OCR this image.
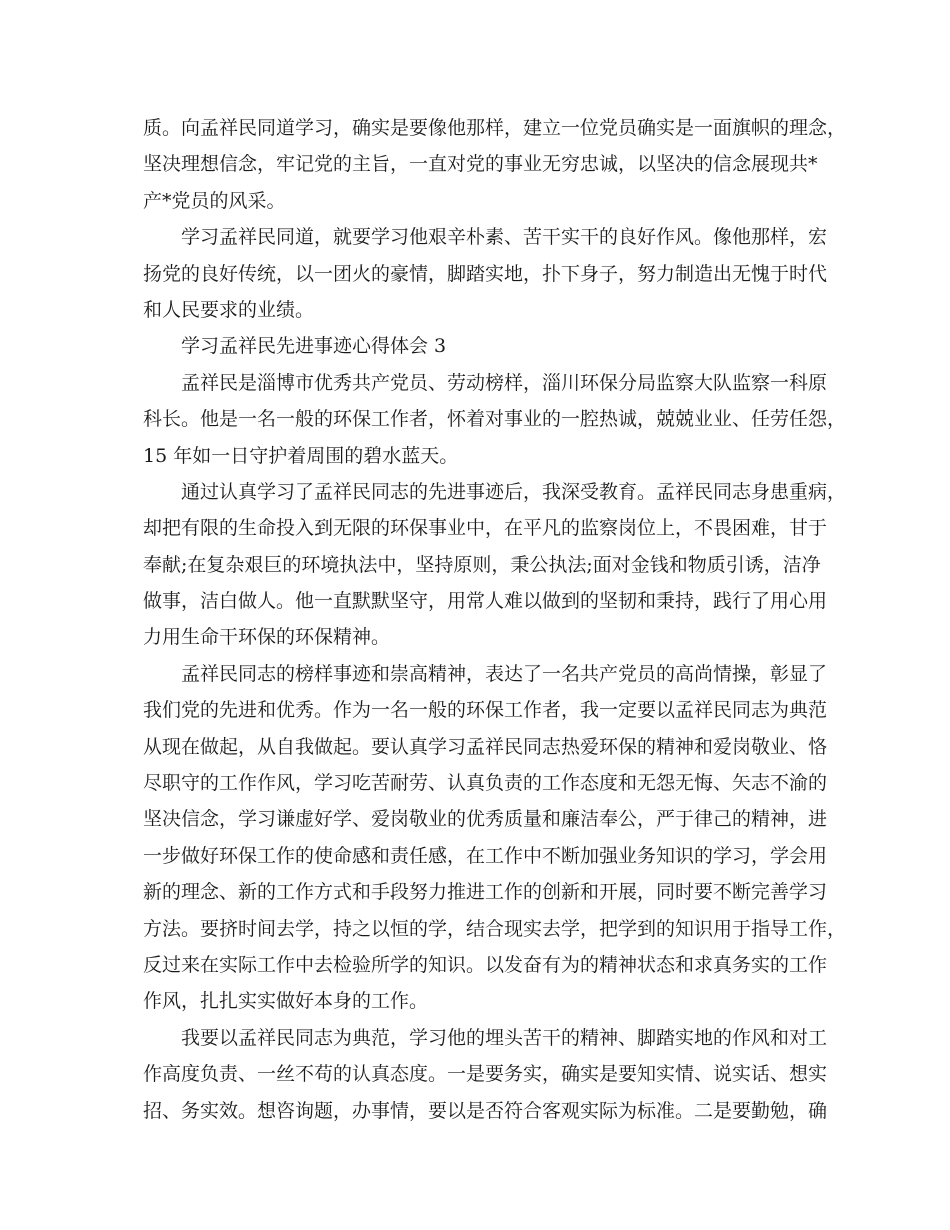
质。向孟祥民同道学习，确实是要像他那样，建立一位党员确实是一面旗帜的理念，
坚决理想信念，牢记党的主旨，一直对党的事业无穷忠诚，以坚决的信念展现共*
产*党员的风采。
学习孟祥民同道，就要学习他艰辛朴素、苦干实干的良好作风。像他那样，宏
扬党的良好传统，以一团火的豪情，脚踏实地，扑下身子，努力制造出无愧于时代
和人民要求的业绩。
学习孟祥民先进事迹心得体会 3
孟祥民是淄博市优秀共产党员、劳动榜样，淄川环保分局监察大队监察一科原
科长。他是一名一般的环保工作者，怀着对事业的一腔热诚，兢兢业业、任劳任怨，
15 年如一日守护着周围的碧水蓝天。
通过认真学习了孟祥民同志的先进事迹后，我深受教育。孟祥民同志身患重病，
却把有限的生命投入到无限的环保事业中，在平凡的监察岗位上，不畏困难，甘于
奉献;在复杂艰巨的环境执法中，坚持原则，秉公执法;面对金钱和物质引诱，洁净
做事，洁白做人。他一直默默坚守，用常人难以做到的坚韧和秉持，践行了用心用
力用生命干环保的环保精神。
孟祥民同志的榜样事迹和崇高精神，表达了一名共产党员的高尚情操，彰显了
我们党的先进和优秀。作为一名一般的环保工作者，我一定要以孟祥民同志为典范
从现在做起，从自我做起。要认真学习孟祥民同志热爱环保的精神和爱岗敬业、恪
尽职守的工作作风，学习吃苦耐劳、认真负责的工作态度和无怨无悔、矢志不渝的
坚决信念，学习谦虚好学、爱岗敬业的优秀质量和廉洁奉公，严于律己的精神，进
一步做好环保工作的使命感和责任感，在工作中不断加强业务知识的学习，学会用
新的理念、新的工作方式和手段努力推进工作的创新和开展，同时要不断完善学习
方法。要挤时间去学，持之以恒的学，结合现实去学，把学到的知识用于指导工作，
反过来在实际工作中去检验所学的知识。以发奋有为的精神状态和求真务实的工作
作风，扎扎实实做好本身的工作。
我要以孟祥民同志为典范，学习他的埋头苦干的精神、脚踏实地的作风和对工
作高度负责、一丝不苟的认真态度。一是要务实，确实是要知实情、说实话、想实
招、务实效。想咨询题，办事情，要以是否符合客观实际为标准。二是要勤勉，确
